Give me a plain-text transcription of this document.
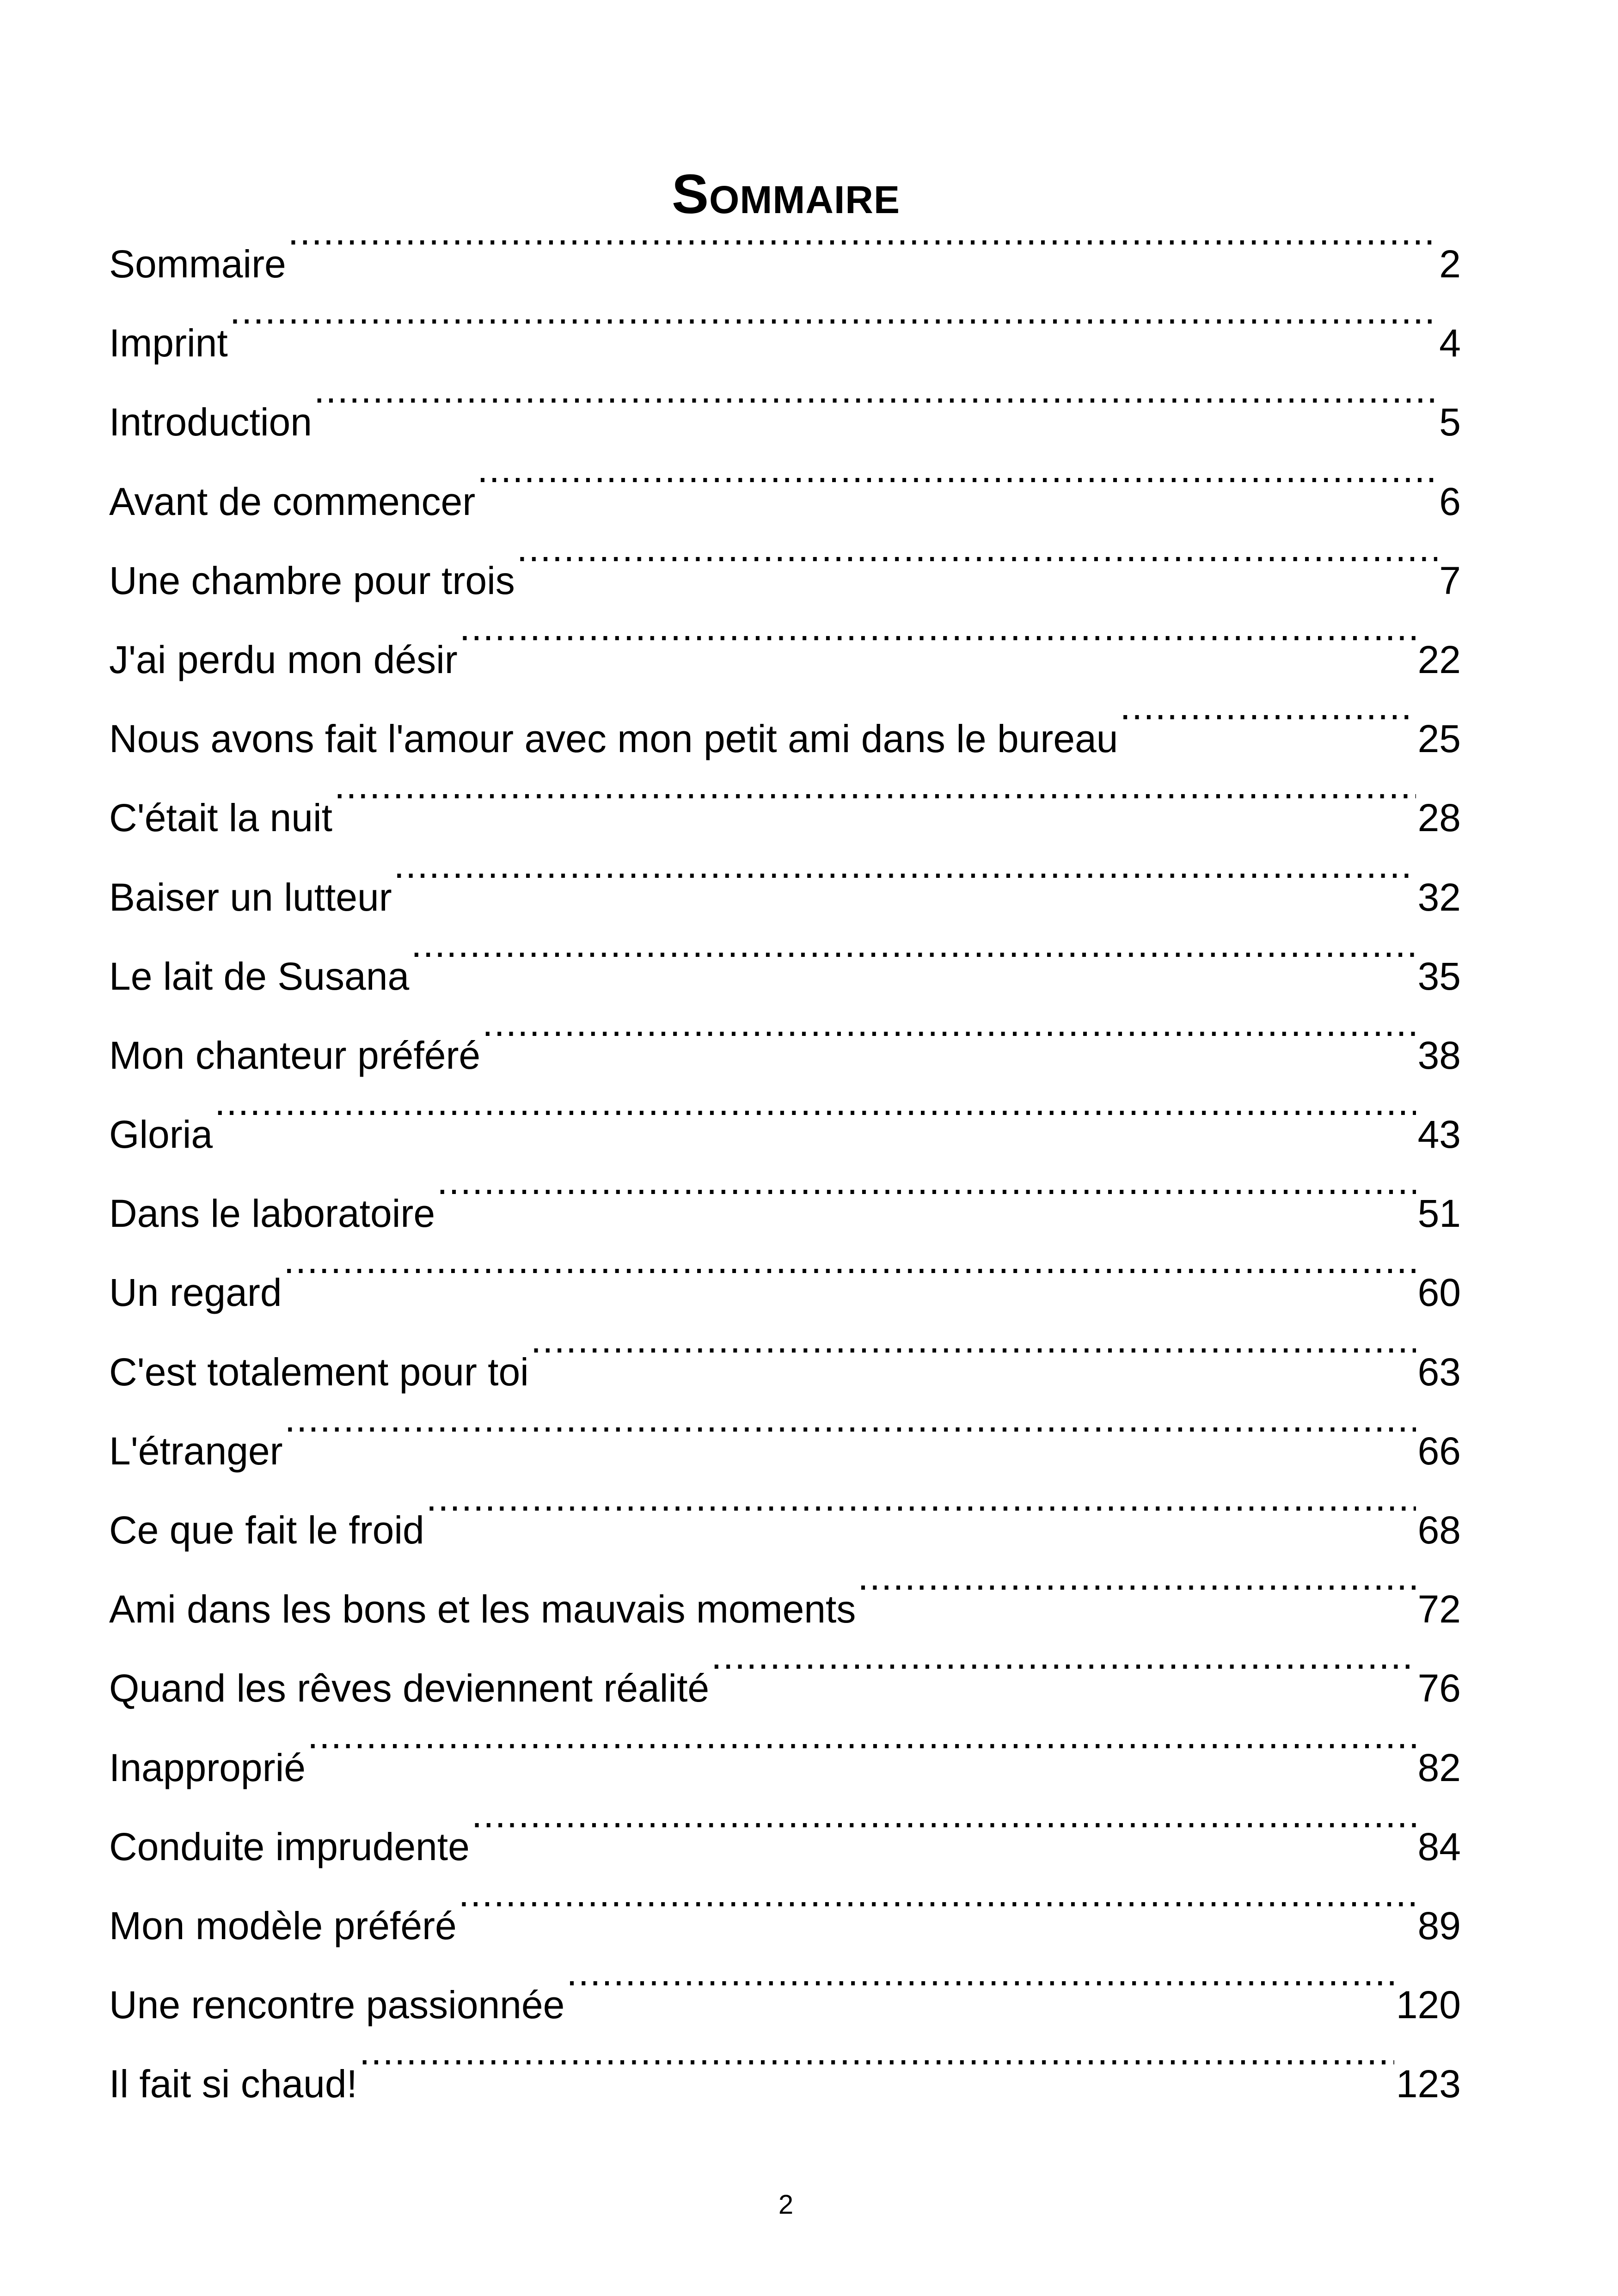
Sommaire
Sommaire .....	2
Imprint .....	4
Introduction .....	5
Avant de commencer .....	6
Une chambre pour trois .....	7
J'ai perdu mon désir .....	22
Nous avons fait l'amour avec mon petit ami dans le bureau .....	25
C'était la nuit .....	28
Baiser un lutteur .....	32
Le lait de Susana .....	35
Mon chanteur préféré .....	38
Gloria .....	43
Dans le laboratoire .....	51
Un regard .....	60
C'est totalement pour toi .....	63
L'étranger .....	66
Ce que fait le froid .....	68
Ami dans les bons et les mauvais moments .....	72
Quand les rêves deviennent réalité .....	76
Inapproprié .....	82
Conduite imprudente .....	84
Mon modèle préféré .....	89
Une rencontre passionnée .....	120
Il fait si chaud! .....	123
2
